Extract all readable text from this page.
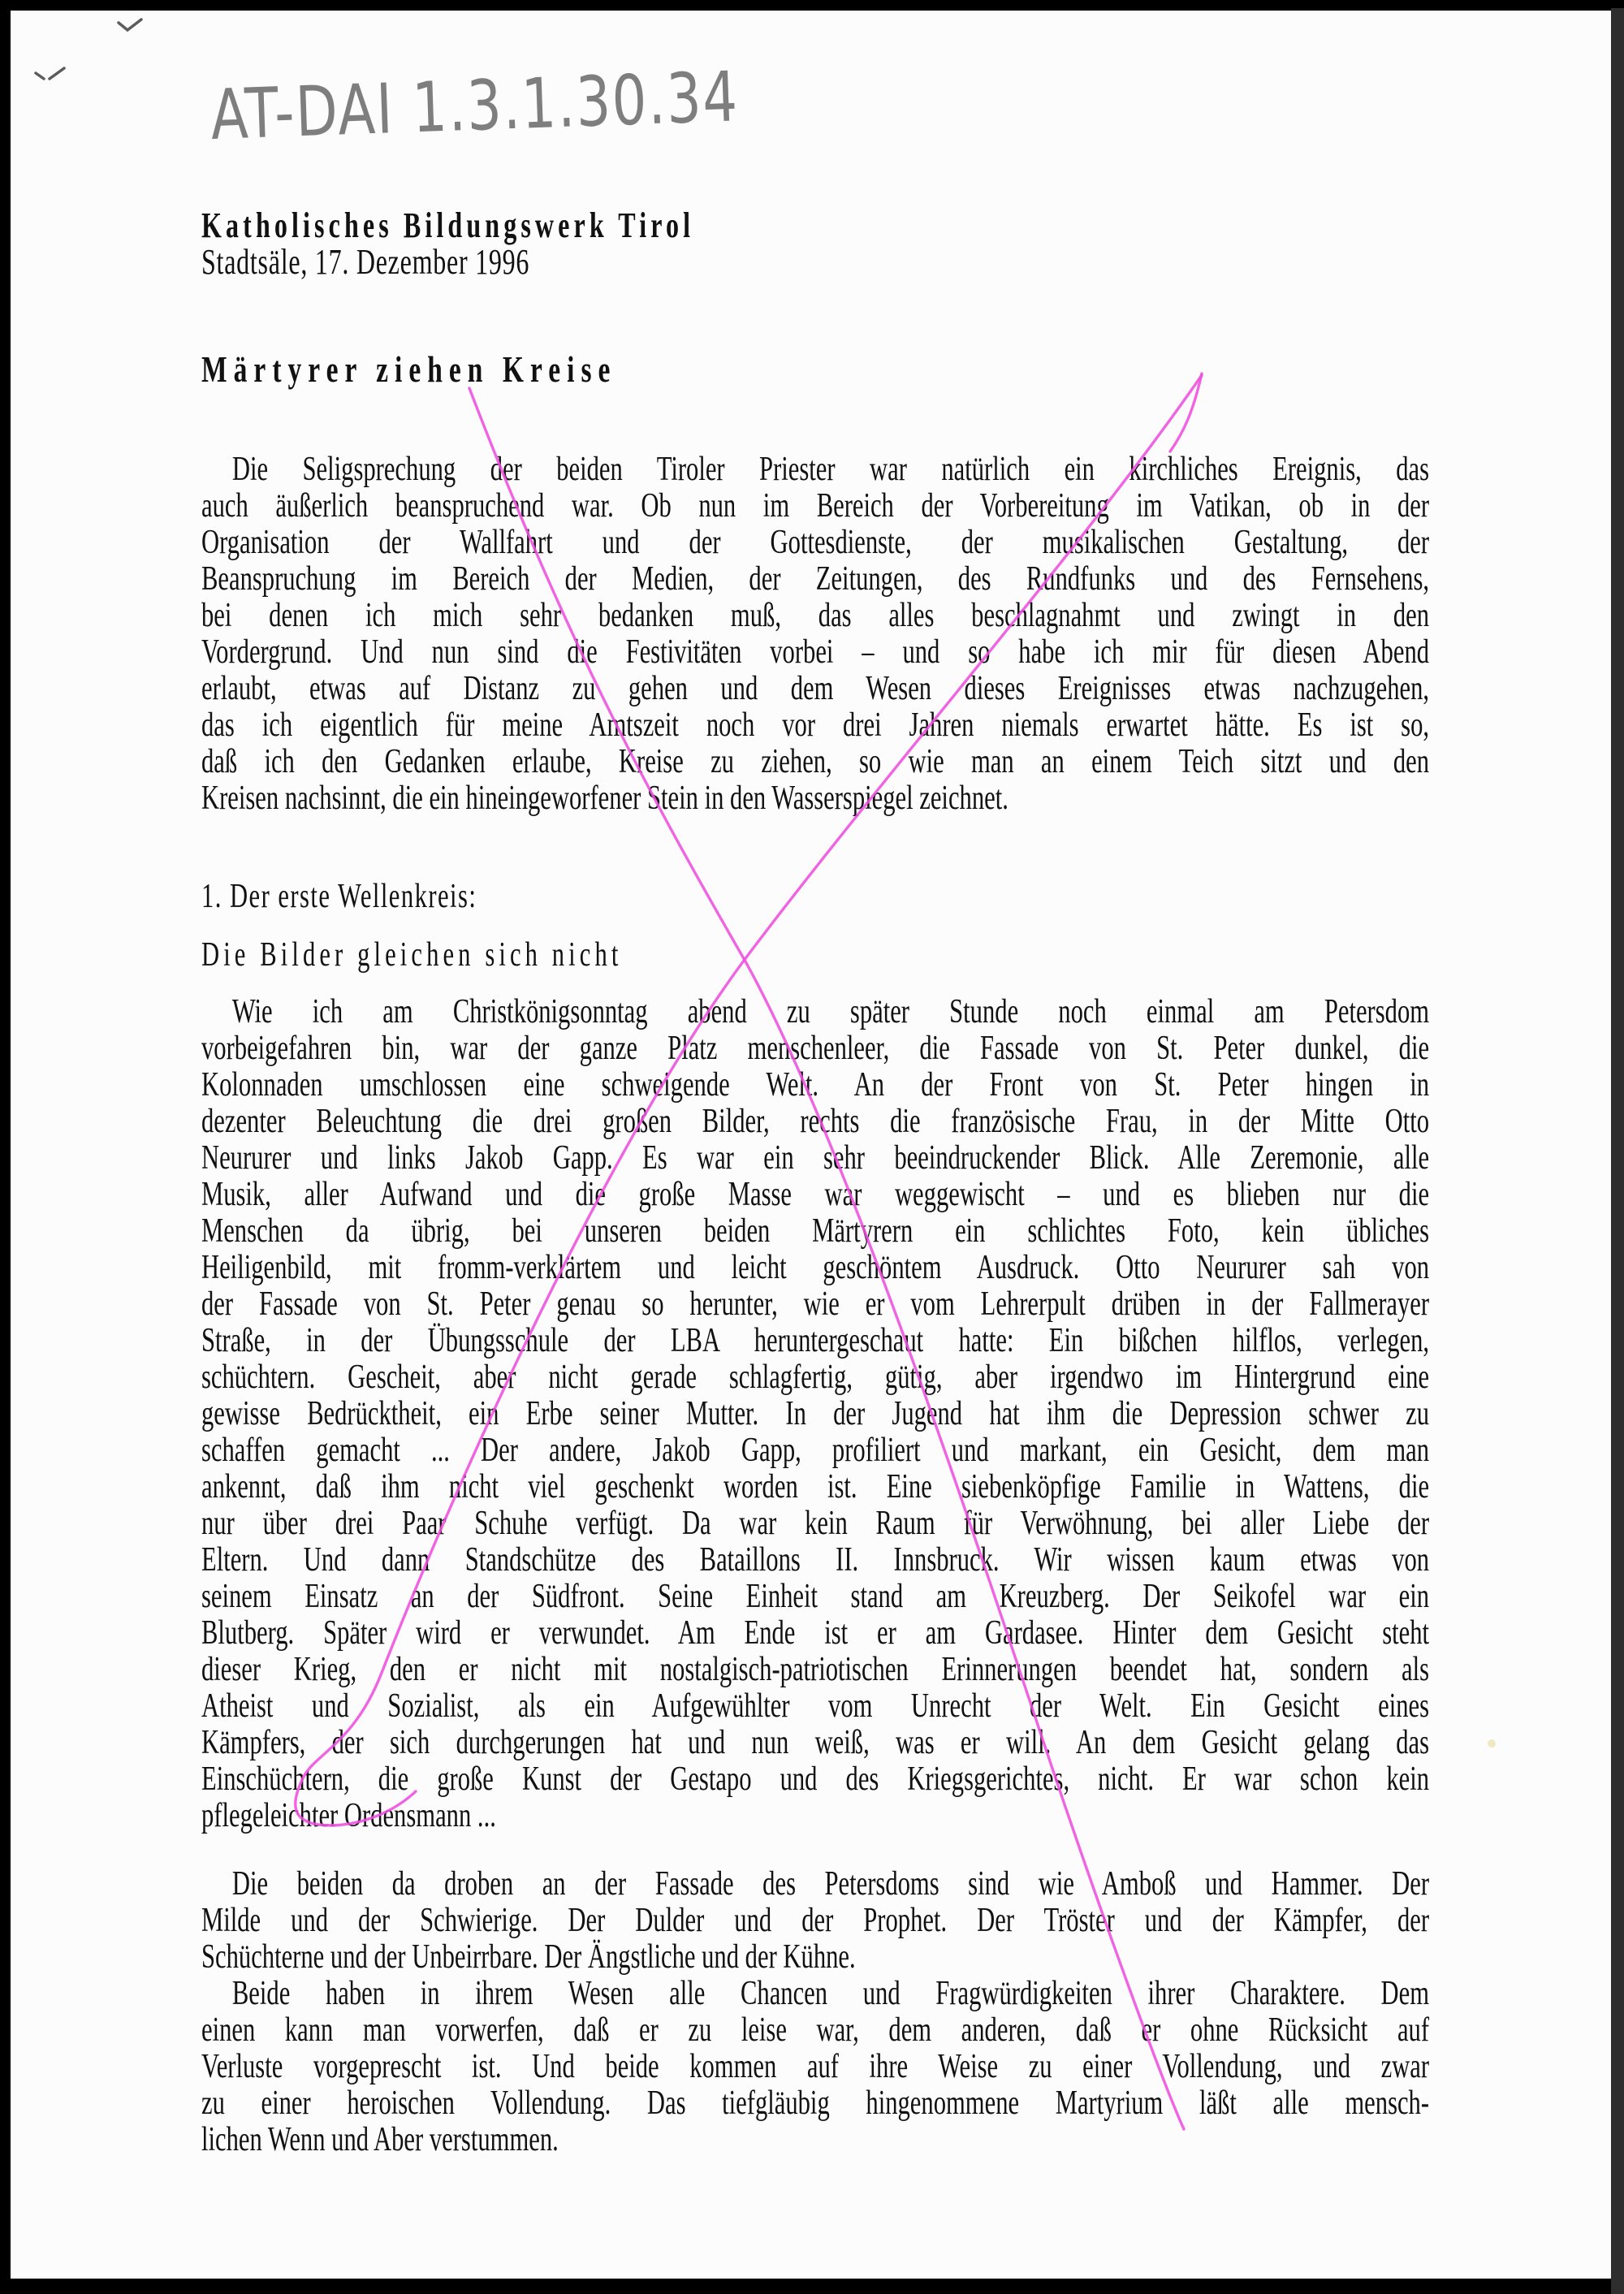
AT-DAI 1.3.1.30.34
Katholisches Bildungswerk Tirol
Stadtsäle, 17. Dezember 1996
Märtyrer ziehen Kreise
Die Seligsprechung der beiden Tiroler Priester war natürlich ein kirchliches Ereignis, das
auch äußerlich beanspruchend war. Ob nun im Bereich der Vorbereitung im Vatikan, ob in der
Organisation der Wallfahrt und der Gottesdienste, der musikalischen Gestaltung, der
Beanspruchung im Bereich der Medien, der Zeitungen, des Rundfunks und des Fernsehens,
bei denen ich mich sehr bedanken muß, das alles beschlagnahmt und zwingt in den
Vordergrund. Und nun sind die Festivitäten vorbei – und so habe ich mir für diesen Abend
erlaubt, etwas auf Distanz zu gehen und dem Wesen dieses Ereignisses etwas nachzugehen,
das ich eigentlich für meine Amtszeit noch vor drei Jahren niemals erwartet hätte. Es ist so,
daß ich den Gedanken erlaube, Kreise zu ziehen, so wie man an einem Teich sitzt und den
Kreisen nachsinnt, die ein hineingeworfener Stein in den Wasserspiegel zeichnet.
1. Der erste Wellenkreis:
Die Bilder gleichen sich nicht
Wie ich am Christkönigsonntag abend zu später Stunde noch einmal am Petersdom
vorbeigefahren bin, war der ganze Platz menschenleer, die Fassade von St. Peter dunkel, die
Kolonnaden umschlossen eine schweigende Welt. An der Front von St. Peter hingen in
dezenter Beleuchtung die drei großen Bilder, rechts die französische Frau, in der Mitte Otto
Neururer und links Jakob Gapp. Es war ein sehr beeindruckender Blick. Alle Zeremonie, alle
Musik, aller Aufwand und die große Masse war weggewischt – und es blieben nur die
Menschen da übrig, bei unseren beiden Märtyrern ein schlichtes Foto, kein übliches
Heiligenbild, mit fromm-verklärtem und leicht geschöntem Ausdruck. Otto Neururer sah von
der Fassade von St. Peter genau so herunter, wie er vom Lehrerpult drüben in der Fallmerayer
Straße, in der Übungsschule der LBA heruntergeschaut hatte: Ein bißchen hilflos, verlegen,
schüchtern. Gescheit, aber nicht gerade schlagfertig, gütig, aber irgendwo im Hintergrund eine
gewisse Bedrücktheit, ein Erbe seiner Mutter. In der Jugend hat ihm die Depression schwer zu
schaffen gemacht ... Der andere, Jakob Gapp, profiliert und markant, ein Gesicht, dem man
ankennt, daß ihm nicht viel geschenkt worden ist. Eine siebenköpfige Familie in Wattens, die
nur über drei Paar Schuhe verfügt. Da war kein Raum für Verwöhnung, bei aller Liebe der
Eltern. Und dann Standschütze des Bataillons II. Innsbruck. Wir wissen kaum etwas von
seinem Einsatz an der Südfront. Seine Einheit stand am Kreuzberg. Der Seikofel war ein
Blutberg. Später wird er verwundet. Am Ende ist er am Gardasee. Hinter dem Gesicht steht
dieser Krieg, den er nicht mit nostalgisch-patriotischen Erinnerungen beendet hat, sondern als
Atheist und Sozialist, als ein Aufgewühlter vom Unrecht der Welt. Ein Gesicht eines
Kämpfers, der sich durchgerungen hat und nun weiß, was er will. An dem Gesicht gelang das
Einschüchtern, die große Kunst der Gestapo und des Kriegsgerichtes, nicht. Er war schon kein
pflegeleichter Ordensmann ...
Die beiden da droben an der Fassade des Petersdoms sind wie Amboß und Hammer. Der
Milde und der Schwierige. Der Dulder und der Prophet. Der Tröster und der Kämpfer, der
Schüchterne und der Unbeirrbare. Der Ängstliche und der Kühne.
Beide haben in ihrem Wesen alle Chancen und Fragwürdigkeiten ihrer Charaktere. Dem
einen kann man vorwerfen, daß er zu leise war, dem anderen, daß er ohne Rücksicht auf
Verluste vorgeprescht ist. Und beide kommen auf ihre Weise zu einer Vollendung, und zwar
zu einer heroischen Vollendung. Das tiefgläubig hingenommene Martyrium läßt alle mensch-
lichen Wenn und Aber verstummen.
